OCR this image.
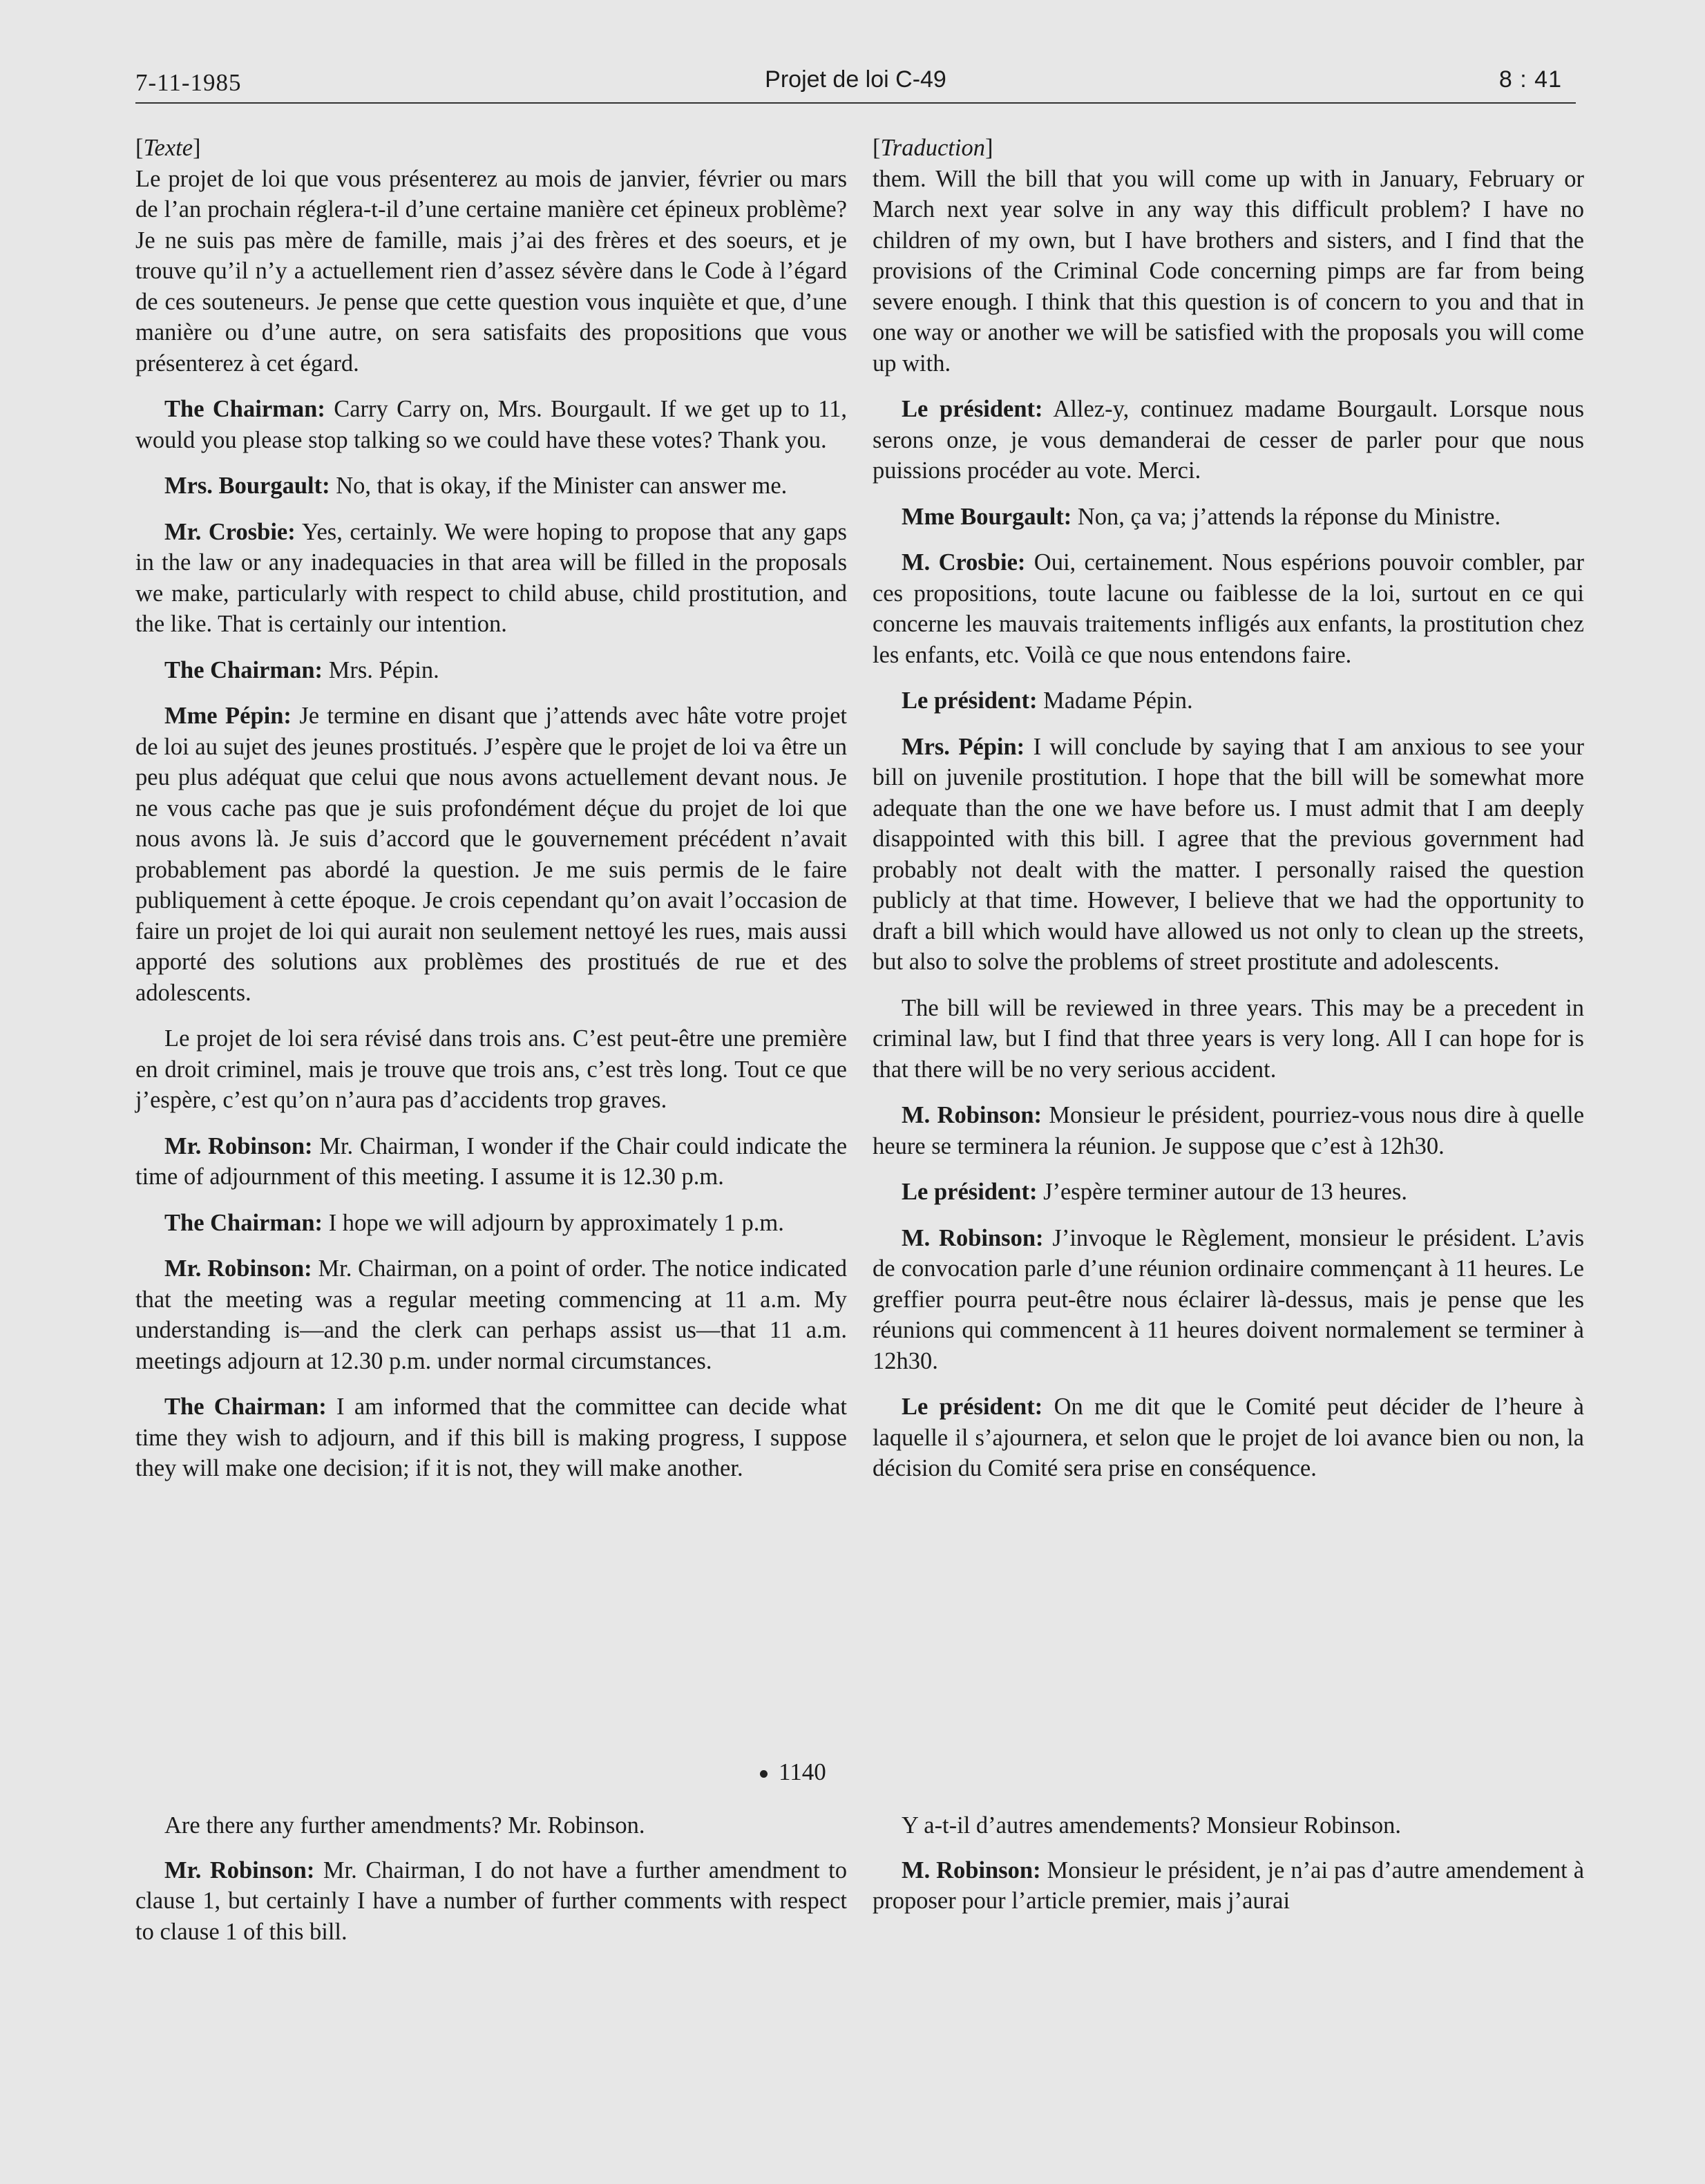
7-11-1985	Projet de loi C-49	8 : 41

[Texte]

Le projet de loi que vous présenterez au mois de janvier, février ou mars de l’an prochain réglera-t-il d’une certaine manière cet épineux problème? Je ne suis pas mère de famille, mais j’ai des frères et des soeurs, et je trouve qu’il n’y a actuellement rien d’assez sévère dans le Code à l’égard de ces souteneurs. Je pense que cette question vous inquiète et que, d’une manière ou d’une autre, on sera satisfaits des propositions que vous présenterez à cet égard.

The Chairman: Carry Carry on, Mrs. Bourgault. If we get up to 11, would you please stop talking so we could have these votes? Thank you.

Mrs. Bourgault: No, that is okay, if the Minister can answer me.

Mr. Crosbie: Yes, certainly. We were hoping to propose that any gaps in the law or any inadequacies in that area will be filled in the proposals we make, particularly with respect to child abuse, child prostitution, and the like. That is certainly our intention.

The Chairman: Mrs. Pépin.

Mme Pépin: Je termine en disant que j’attends avec hâte votre projet de loi au sujet des jeunes prostitués. J’espère que le projet de loi va être un peu plus adéquat que celui que nous avons actuellement devant nous. Je ne vous cache pas que je suis profondément déçue du projet de loi que nous avons là. Je suis d’accord que le gouvernement précédent n’avait probablement pas abordé la question. Je me suis permis de le faire publiquement à cette époque. Je crois cependant qu’on avait l’occasion de faire un projet de loi qui aurait non seulement nettoyé les rues, mais aussi apporté des solutions aux problèmes des prostitués de rue et des adolescents.

Le projet de loi sera révisé dans trois ans. C’est peut-être une première en droit criminel, mais je trouve que trois ans, c’est très long. Tout ce que j’espère, c’est qu’on n’aura pas d’accidents trop graves.

Mr. Robinson: Mr. Chairman, I wonder if the Chair could indicate the time of adjournment of this meeting. I assume it is 12.30 p.m.

The Chairman: I hope we will adjourn by approximately 1 p.m.

Mr. Robinson: Mr. Chairman, on a point of order. The notice indicated that the meeting was a regular meeting commencing at 11 a.m. My understanding is—and the clerk can perhaps assist us—that 11 a.m. meetings adjourn at 12.30 p.m. under normal circumstances.

The Chairman: I am informed that the committee can decide what time they wish to adjourn, and if this bill is making progress, I suppose they will make one decision; if it is not, they will make another.

[Traduction]

them. Will the bill that you will come up with in January, February or March next year solve in any way this difficult problem? I have no children of my own, but I have brothers and sisters, and I find that the provisions of the Criminal Code concerning pimps are far from being severe enough. I think that this question is of concern to you and that in one way or another we will be satisfied with the proposals you will come up with.

Le président: Allez-y, continuez madame Bourgault. Lorsque nous serons onze, je vous demanderai de cesser de parler pour que nous puissions procéder au vote. Merci.

Mme Bourgault: Non, ça va; j’attends la réponse du Ministre.

M. Crosbie: Oui, certainement. Nous espérions pouvoir combler, par ces propositions, toute lacune ou faiblesse de la loi, surtout en ce qui concerne les mauvais traitements infligés aux enfants, la prostitution chez les enfants, etc. Voilà ce que nous entendons faire.

Le président: Madame Pépin.

Mrs. Pépin: I will conclude by saying that I am anxious to see your bill on juvenile prostitution. I hope that the bill will be somewhat more adequate than the one we have before us. I must admit that I am deeply disappointed with this bill. I agree that the previous government had probably not dealt with the matter. I personally raised the question publicly at that time. However, I believe that we had the opportunity to draft a bill which would have allowed us not only to clean up the streets, but also to solve the problems of street prostitute and adolescents.

The bill will be reviewed in three years. This may be a precedent in criminal law, but I find that three years is very long. All I can hope for is that there will be no very serious accident.

M. Robinson: Monsieur le président, pourriez-vous nous dire à quelle heure se terminera la réunion. Je suppose que c’est à 12h30.

Le président: J’espère terminer autour de 13 heures.

M. Robinson: J’invoque le Règlement, monsieur le président. L’avis de convocation parle d’une réunion ordinaire commençant à 11 heures. Le greffier pourra peut-être nous éclairer là-dessus, mais je pense que les réunions qui commencent à 11 heures doivent normalement se terminer à 12h30.

Le président: On me dit que le Comité peut décider de l’heure à laquelle il s’ajournera, et selon que le projet de loi avance bien ou non, la décision du Comité sera prise en conséquence.

1140

Are there any further amendments? Mr. Robinson.

Mr. Robinson: Mr. Chairman, I do not have a further amendment to clause 1, but certainly I have a number of further comments with respect to clause 1 of this bill.

Y a-t-il d’autres amendements? Monsieur Robinson.

M. Robinson: Monsieur le président, je n’ai pas d’autre amendement à proposer pour l’article premier, mais j’aurai
